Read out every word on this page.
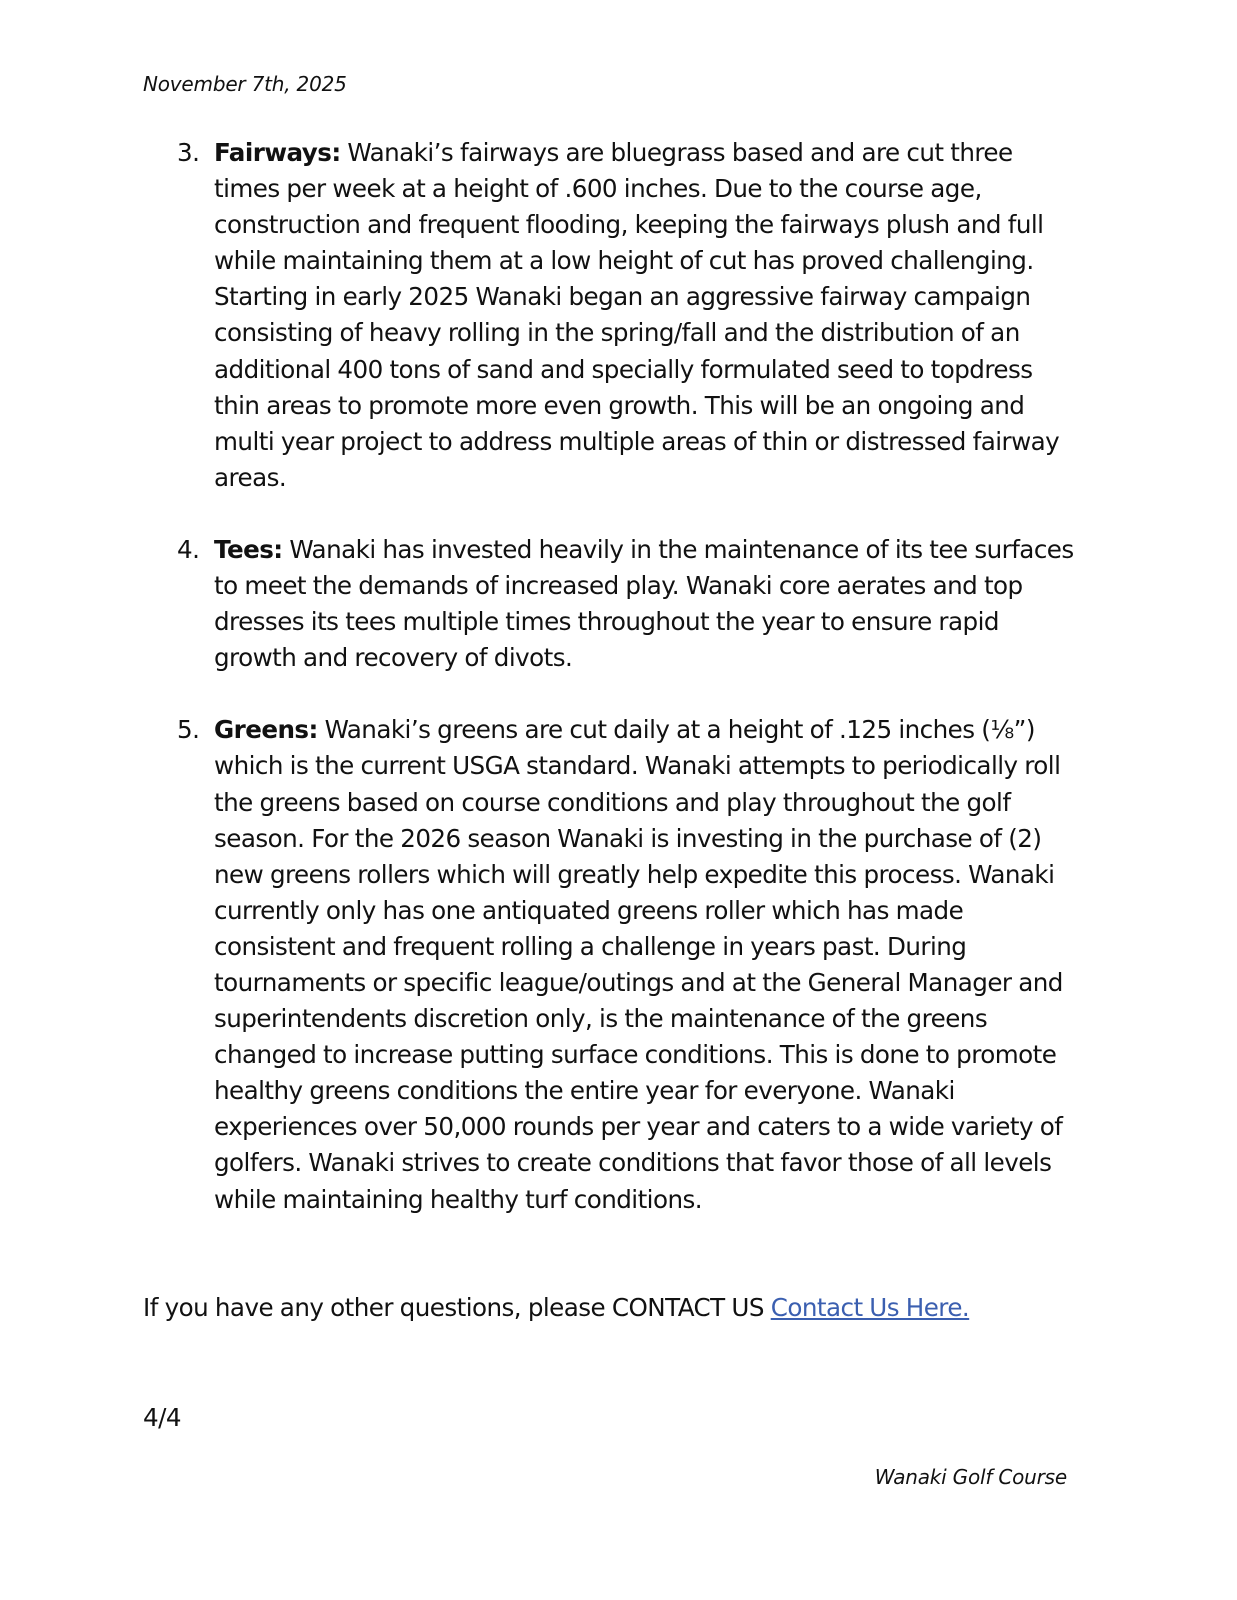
November 7th, 2025
3. Fairways: Wanaki’s fairways are bluegrass based and are cut three times per week at a height of .600 inches. Due to the course age, construction and frequent flooding, keeping the fairways plush and full while maintaining them at a low height of cut has proved challenging. Starting in early 2025 Wanaki began an aggressive fairway campaign consisting of heavy rolling in the spring/fall and the distribution of an additional 400 tons of sand and specially formulated seed to topdress thin areas to promote more even growth. This will be an ongoing and multi year project to address multiple areas of thin or distressed fairway areas.
4. Tees: Wanaki has invested heavily in the maintenance of its tee surfaces to meet the demands of increased play. Wanaki core aerates and top dresses its tees multiple times throughout the year to ensure rapid growth and recovery of divots.
5. Greens: Wanaki’s greens are cut daily at a height of .125 inches (⅛”) which is the current USGA standard. Wanaki attempts to periodically roll the greens based on course conditions and play throughout the golf season. For the 2026 season Wanaki is investing in the purchase of (2) new greens rollers which will greatly help expedite this process. Wanaki currently only has one antiquated greens roller which has made consistent and frequent rolling a challenge in years past. During tournaments or specific league/outings and at the General Manager and superintendents discretion only, is the maintenance of the greens changed to increase putting surface conditions. This is done to promote healthy greens conditions the entire year for everyone. Wanaki experiences over 50,000 rounds per year and caters to a wide variety of golfers. Wanaki strives to create conditions that favor those of all levels while maintaining healthy turf conditions.
If you have any other questions, please CONTACT US Contact Us Here.
4/4
Wanaki Golf Course
